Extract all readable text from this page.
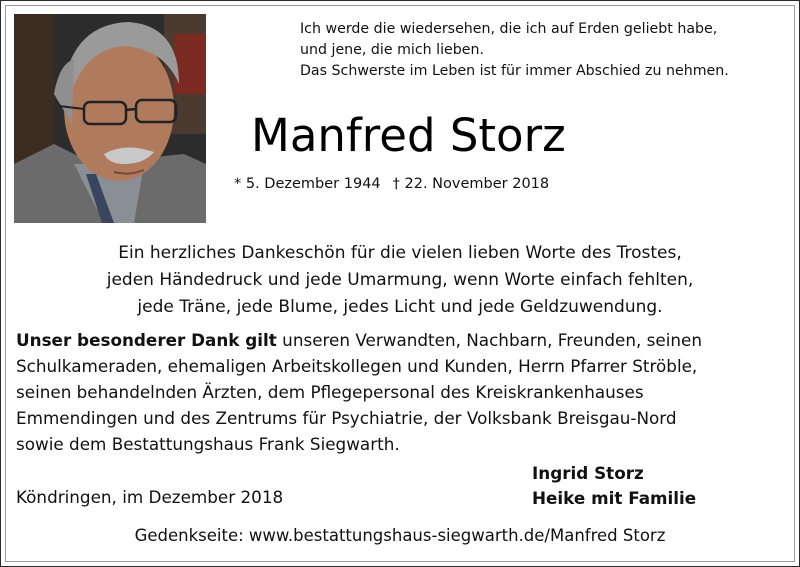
Ich werde die wiedersehen, die ich auf Erden geliebt habe,
und jene, die mich lieben.
Das Schwerste im Leben ist für immer Abschied zu nehmen.
Manfred Storz
* 5. Dezember 1944 † 22. November 2018
Ein herzliches Dankeschön für die vielen lieben Worte des Trostes,
jeden Händedruck und jede Umarmung, wenn Worte einfach fehlten,
jede Träne, jede Blume, jedes Licht und jede Geldzuwendung.
Unser besonderer Dank gilt unseren Verwandten, Nachbarn, Freunden, seinen
Schulkameraden, ehemaligen Arbeitskollegen und Kunden, Herrn Pfarrer Ströble,
seinen behandelnden Ärzten, dem Pflegepersonal des Kreiskrankenhauses
Emmendingen und des Zentrums für Psychiatrie, der Volksbank Breisgau-Nord
sowie dem Bestattungshaus Frank Siegwarth.
Köndringen, im Dezember 2018
Ingrid Storz
Heike mit Familie
Gedenkseite: www.bestattungshaus-siegwarth.de/Manfred Storz
